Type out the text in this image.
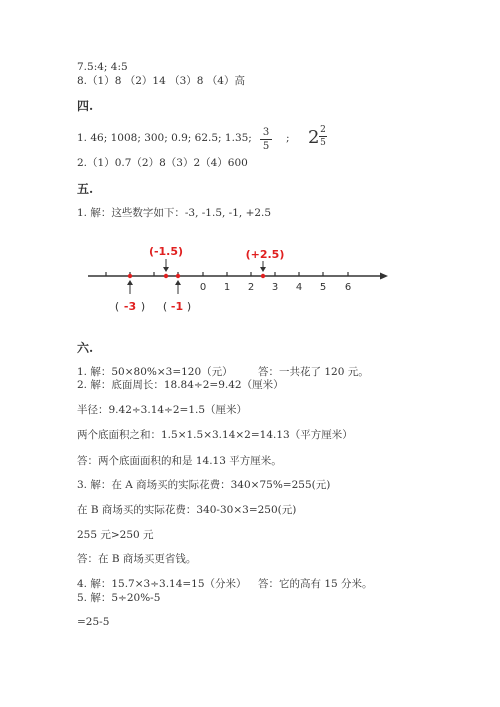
7.5:4; 4:5
8.（1）8 （2）14 （3）8 （4）高
四.
1. 46; 1008; 300; 0.9; 62.5; 1.35; 3
5
; 2 2
5
2.（1）0.7（2）8（3）2（4）600
五.
1. 解：这些数字如下：-3, -1.5, -1, +2.5
0 1 2 3 4 5 6
(-1.5)	(+2.5)
( -3 ) ( -1 )
六.
1. 解：50×80%×3=120（元） 答：一共花了 120 元。
2. 解：底面周长：18.84÷2=9.42（厘米）
半径：9.42÷3.14÷2=1.5（厘米）
两个底面积之和：1.5×1.5×3.14×2=14.13（平方厘米）
答：两个底面面积的和是 14.13 平方厘米。
3. 解：在 A 商场买的实际花费：340×75%=255(元)
在 B 商场买的实际花费：340-30×3=250(元)
255 元>250 元
答：在 B 商场买更省钱。
4. 解：15.7×3÷3.14=15（分米） 答：它的高有 15 分米。
5. 解：5÷20%-5
=25-5
